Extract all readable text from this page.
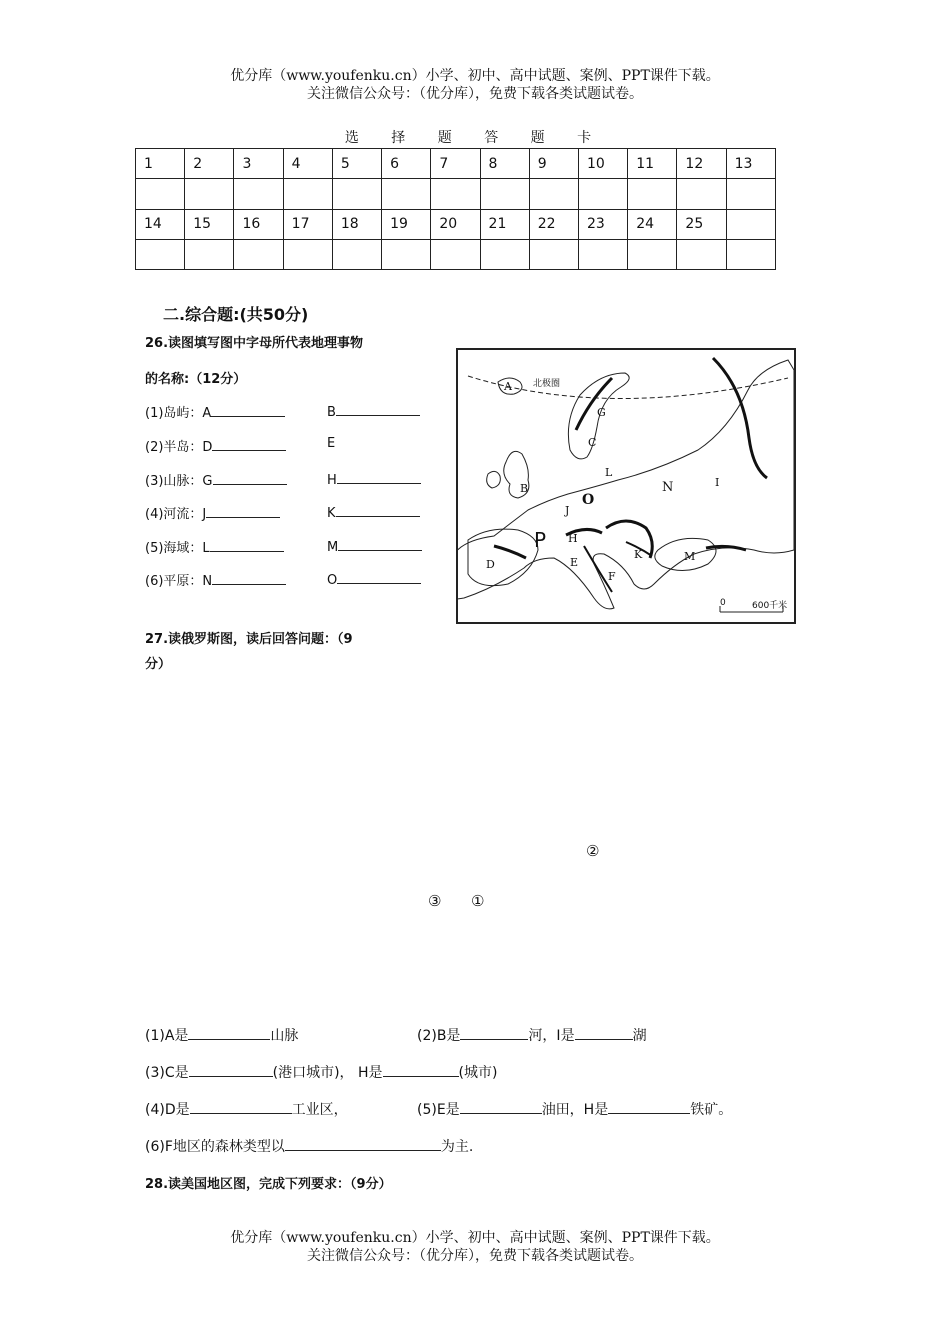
优分库（www.youfenku.cn）小学、初中、高中试题、案例、PPT课件下载。
关注微信公众号：（优分库），免费下载各类试题试卷。
选 择 题 答 题 卡
1	2	3	4	5	6	7	8	9	10	11	12	13

14	15	16	17	18	19	20	21	22	23	24	25	

二.综合题:(共50分)
26.读图填写图中字母所代表地理事物
的名称:（12分）
(1)岛屿：A	B
(2)半岛：D	E
(3)山脉：G	H
(4)河流：J	K
(5)海域：L	M
(6)平原：N	O
北极圈
A
G
C
B
L
O
N	I
J
P H
K	M
D	E
F
0	600千米
27.读俄罗斯图，读后回答问题：（9
分）
②
③ ①
(1)A是	山脉	(2)B是	河，I是	湖
(3)C是	(港口城市)， H是	(城市)
(4)D是	工业区，	(5)E是	油田，H是	铁矿。
(6)F地区的森林类型以	为主.
28.读美国地区图，完成下列要求：（9分）
优分库（www.youfenku.cn）小学、初中、高中试题、案例、PPT课件下载。
关注微信公众号：（优分库），免费下载各类试题试卷。
